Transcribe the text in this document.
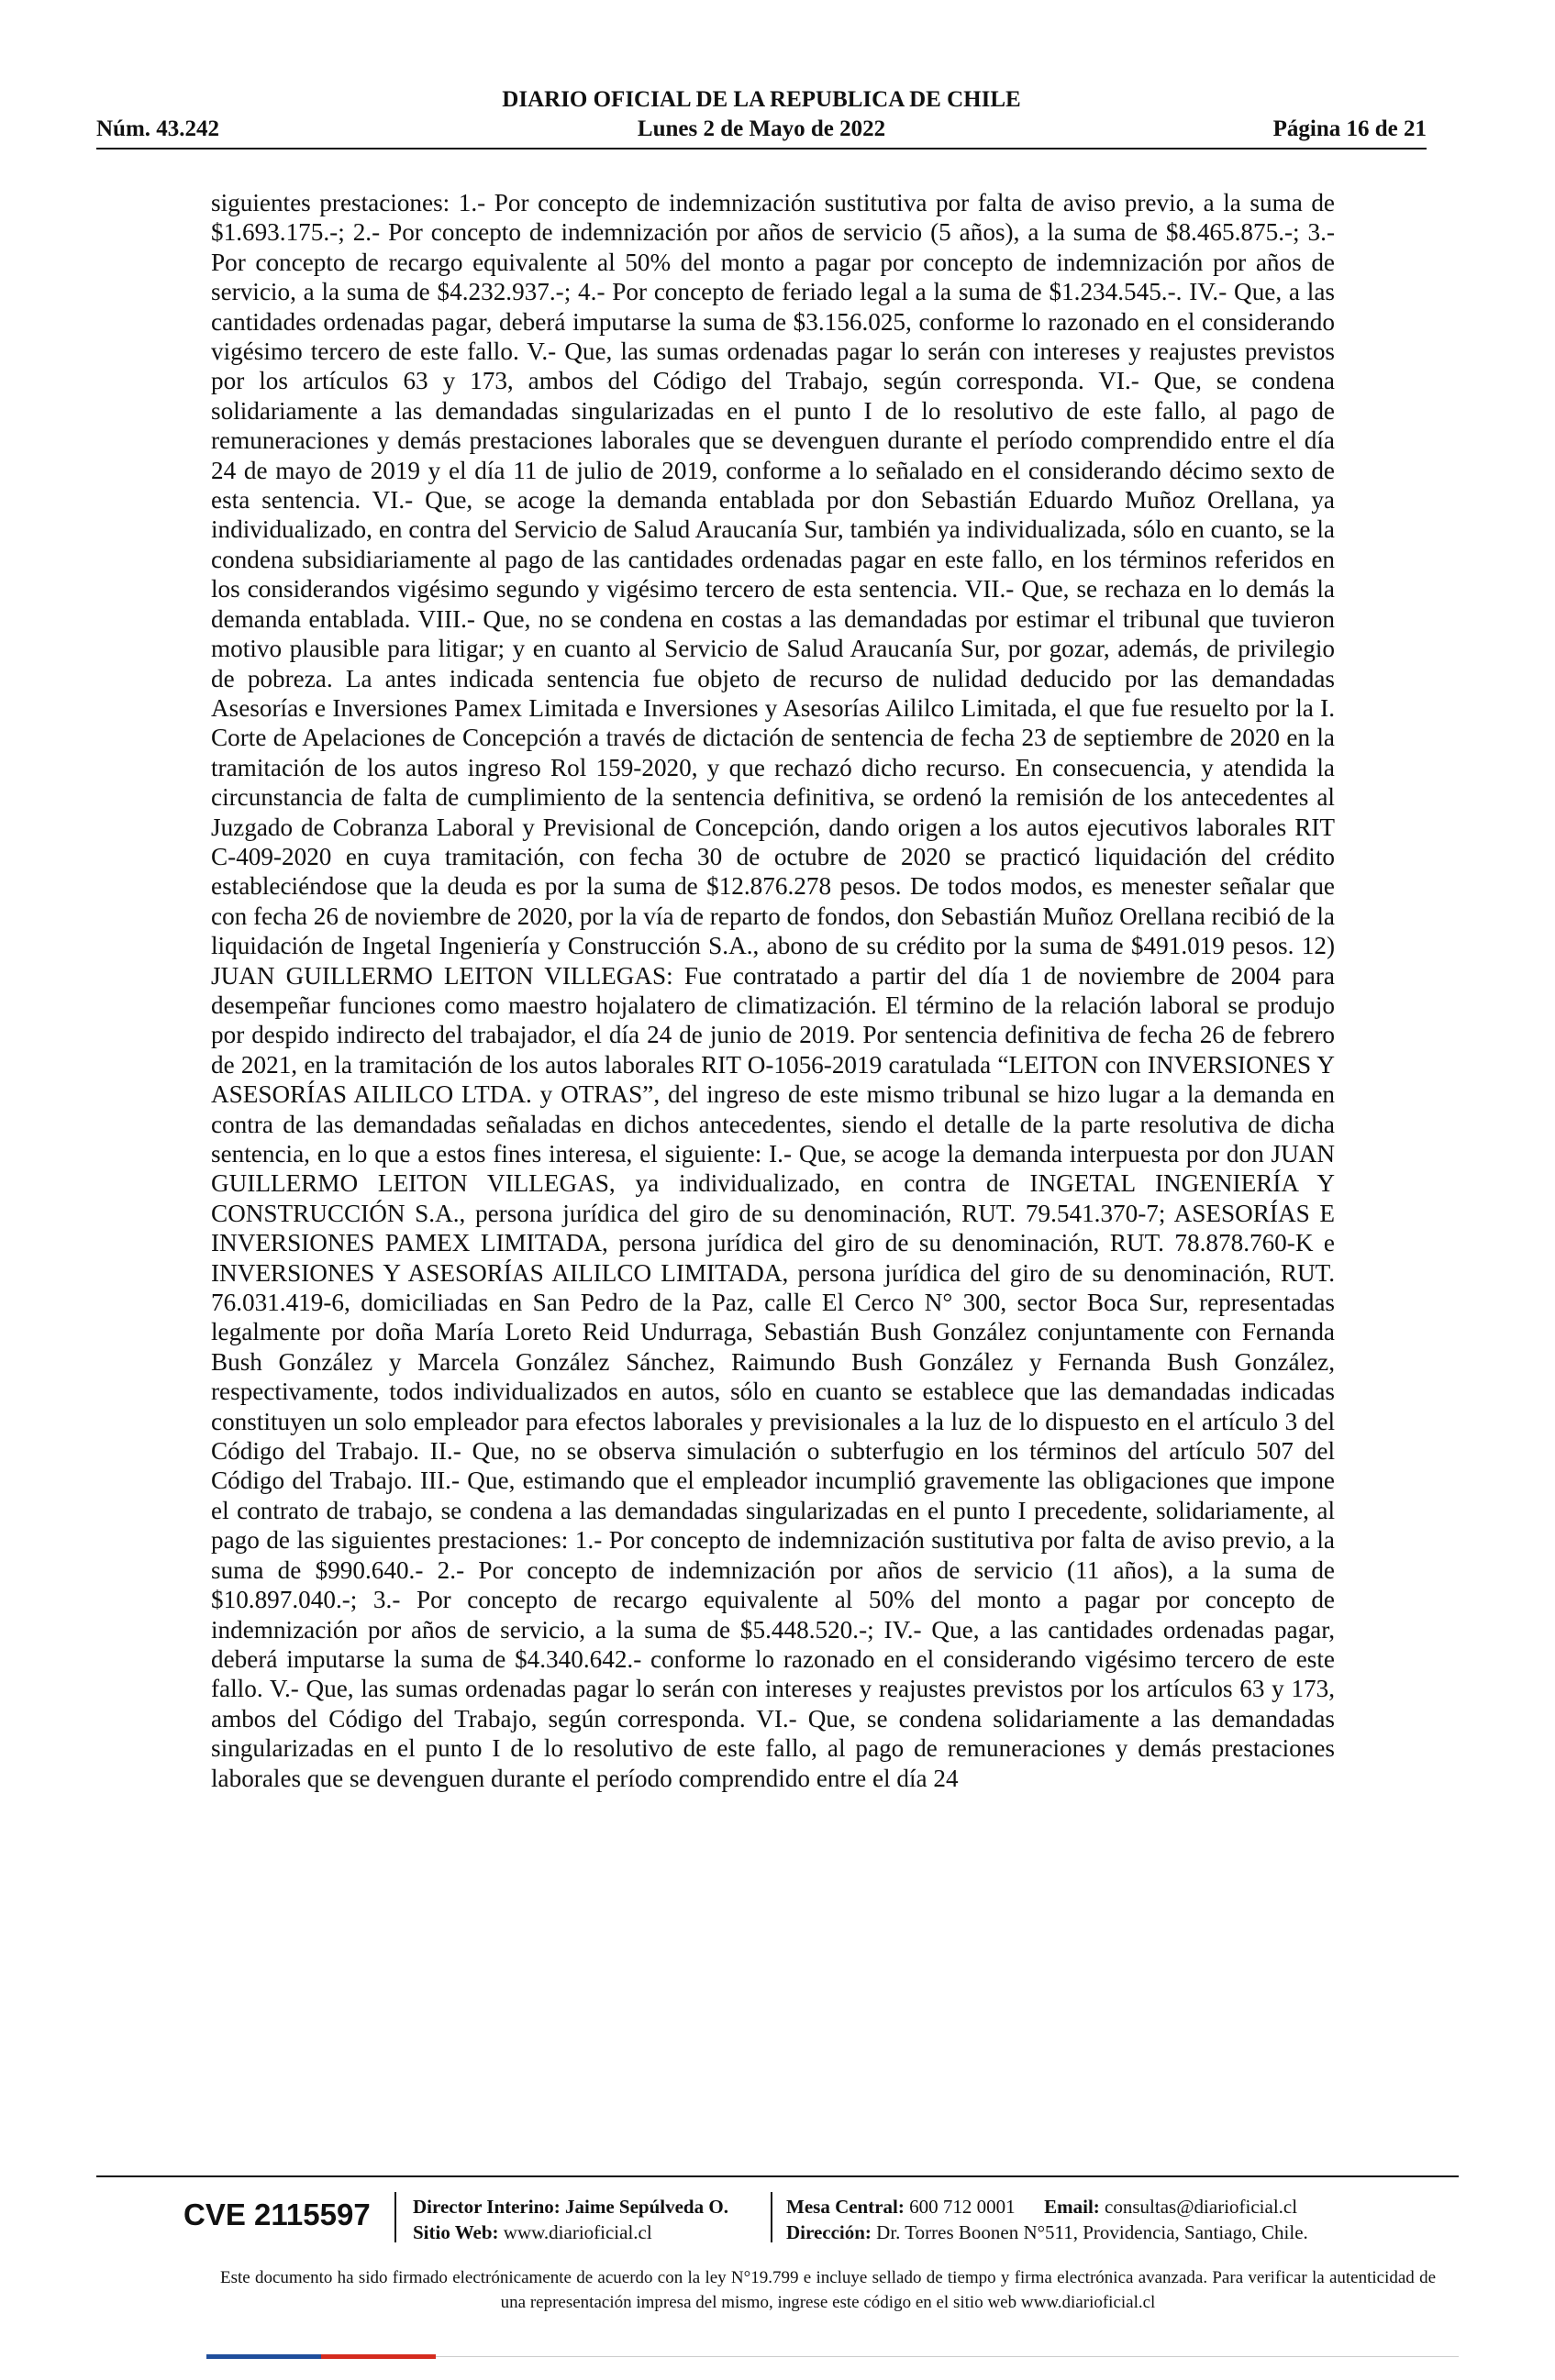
DIARIO OFICIAL DE LA REPUBLICA DE CHILE
Núm. 43.242	Lunes 2 de Mayo de 2022	Página 16 de 21

siguientes prestaciones: 1.- Por concepto de indemnización sustitutiva por falta de aviso previo, a la suma de $1.693.175.-; 2.- Por concepto de indemnización por años de servicio (5 años), a la suma de $8.465.875.-; 3.- Por concepto de recargo equivalente al 50% del monto a pagar por concepto de indemnización por años de servicio, a la suma de $4.232.937.-; 4.- Por concepto de feriado legal a la suma de $1.234.545.-. IV.- Que, a las cantidades ordenadas pagar, deberá imputarse la suma de $3.156.025, conforme lo razonado en el considerando vigésimo tercero de este fallo. V.- Que, las sumas ordenadas pagar lo serán con intereses y reajustes previstos por los artículos 63 y 173, ambos del Código del Trabajo, según corresponda. VI.- Que, se condena solidariamente a las demandadas singularizadas en el punto I de lo resolutivo de este fallo, al pago de remuneraciones y demás prestaciones laborales que se devenguen durante el período comprendido entre el día 24 de mayo de 2019 y el día 11 de julio de 2019, conforme a lo señalado en el considerando décimo sexto de esta sentencia. VI.- Que, se acoge la demanda entablada por don Sebastián Eduardo Muñoz Orellana, ya individualizado, en contra del Servicio de Salud Araucanía Sur, también ya individualizada, sólo en cuanto, se la condena subsidiariamente al pago de las cantidades ordenadas pagar en este fallo, en los términos referidos en los considerandos vigésimo segundo y vigésimo tercero de esta sentencia. VII.- Que, se rechaza en lo demás la demanda entablada. VIII.- Que, no se condena en costas a las demandadas por estimar el tribunal que tuvieron motivo plausible para litigar; y en cuanto al Servicio de Salud Araucanía Sur, por gozar, además, de privilegio de pobreza. La antes indicada sentencia fue objeto de recurso de nulidad deducido por las demandadas Asesorías e Inversiones Pamex Limitada e Inversiones y Asesorías Aililco Limitada, el que fue resuelto por la I. Corte de Apelaciones de Concepción a través de dictación de sentencia de fecha 23 de septiembre de 2020 en la tramitación de los autos ingreso Rol 159-2020, y que rechazó dicho recurso. En consecuencia, y atendida la circunstancia de falta de cumplimiento de la sentencia definitiva, se ordenó la remisión de los antecedentes al Juzgado de Cobranza Laboral y Previsional de Concepción, dando origen a los autos ejecutivos laborales RIT C-409-2020 en cuya tramitación, con fecha 30 de octubre de 2020 se practicó liquidación del crédito estableciéndose que la deuda es por la suma de $12.876.278 pesos. De todos modos, es menester señalar que con fecha 26 de noviembre de 2020, por la vía de reparto de fondos, don Sebastián Muñoz Orellana recibió de la liquidación de Ingetal Ingeniería y Construcción S.A., abono de su crédito por la suma de $491.019 pesos. 12) JUAN GUILLERMO LEITON VILLEGAS: Fue contratado a partir del día 1 de noviembre de 2004 para desempeñar funciones como maestro hojalatero de climatización. El término de la relación laboral se produjo por despido indirecto del trabajador, el día 24 de junio de 2019. Por sentencia definitiva de fecha 26 de febrero de 2021, en la tramitación de los autos laborales RIT O-1056-2019 caratulada “LEITON con INVERSIONES Y ASESORÍAS AILILCO LTDA. y OTRAS”, del ingreso de este mismo tribunal se hizo lugar a la demanda en contra de las demandadas señaladas en dichos antecedentes, siendo el detalle de la parte resolutiva de dicha sentencia, en lo que a estos fines interesa, el siguiente: I.- Que, se acoge la demanda interpuesta por don JUAN GUILLERMO LEITON VILLEGAS, ya individualizado, en contra de INGETAL INGENIERÍA Y CONSTRUCCIÓN S.A., persona jurídica del giro de su denominación, RUT. 79.541.370-7; ASESORÍAS E INVERSIONES PAMEX LIMITADA, persona jurídica del giro de su denominación, RUT. 78.878.760-K e INVERSIONES Y ASESORÍAS AILILCO LIMITADA, persona jurídica del giro de su denominación, RUT. 76.031.419-6, domiciliadas en San Pedro de la Paz, calle El Cerco N° 300, sector Boca Sur, representadas legalmente por doña María Loreto Reid Undurraga, Sebastián Bush González conjuntamente con Fernanda Bush González y Marcela González Sánchez, Raimundo Bush González y Fernanda Bush González, respectivamente, todos individualizados en autos, sólo en cuanto se establece que las demandadas indicadas constituyen un solo empleador para efectos laborales y previsionales a la luz de lo dispuesto en el artículo 3 del Código del Trabajo. II.- Que, no se observa simulación o subterfugio en los términos del artículo 507 del Código del Trabajo. III.- Que, estimando que el empleador incumplió gravemente las obligaciones que impone el contrato de trabajo, se condena a las demandadas singularizadas en el punto I precedente, solidariamente, al pago de las siguientes prestaciones: 1.- Por concepto de indemnización sustitutiva por falta de aviso previo, a la suma de $990.640.- 2.- Por concepto de indemnización por años de servicio (11 años), a la suma de $10.897.040.-; 3.- Por concepto de recargo equivalente al 50% del monto a pagar por concepto de indemnización por años de servicio, a la suma de $5.448.520.-; IV.- Que, a las cantidades ordenadas pagar, deberá imputarse la suma de $4.340.642.- conforme lo razonado en el considerando vigésimo tercero de este fallo. V.- Que, las sumas ordenadas pagar lo serán con intereses y reajustes previstos por los artículos 63 y 173, ambos del Código del Trabajo, según corresponda. VI.- Que, se condena solidariamente a las demandadas singularizadas en el punto I de lo resolutivo de este fallo, al pago de remuneraciones y demás prestaciones laborales que se devenguen durante el período comprendido entre el día 24

CVE 2115597 Director Interino: Jaime Sepúlveda O.
Sitio Web: www.diarioficial.cl
Mesa Central: 600 712 0001 Email: consultas@diarioficial.cl
Dirección: Dr. Torres Boonen N°511, Providencia, Santiago, Chile.
Este documento ha sido firmado electrónicamente de acuerdo con la ley N°19.799 e incluye sellado de tiempo y firma electrónica avanzada. Para verificar la autenticidad de una representación impresa del mismo, ingrese este código en el sitio web www.diarioficial.cl
